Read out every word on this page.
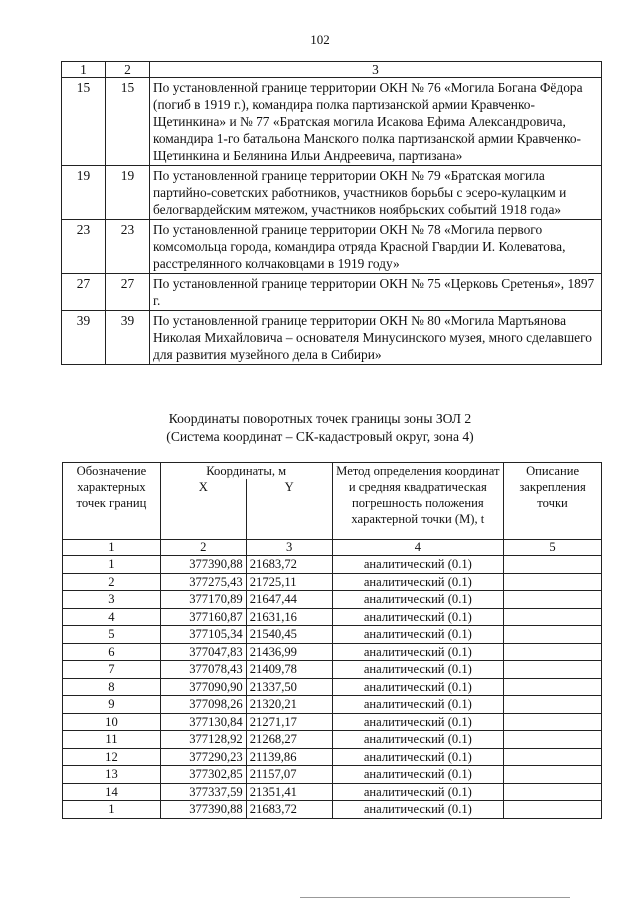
102
1	2	3
15	15	По установленной границе территории ОКН № 76 «Могила Богана Фёдора (погиб в 1919 г.), командира полка партизанской армии Кравченко-Щетинкина» и № 77 «Братская могила Исакова Ефима Александровича, командира 1-го батальона Манского полка партизанской армии Кравченко-Щетинкина и Белянина Ильи Андреевича, партизана»
19	19	По установленной границе территории ОКН № 79 «Братская могила партийно-советских работников, участников борьбы с эсеро-кулацким и белогвардейским мятежом, участников ноябрьских событий 1918 года»
23	23	По установленной границе территории ОКН № 78 «Могила первого комсомольца города, командира отряда Красной Гвардии И. Колеватова, расстрелянного колчаковцами в 1919 году»
27	27	По установленной границе территории ОКН № 75 «Церковь Сретенья», 1897 г.
39	39	По установленной границе территории ОКН № 80 «Могила Мартьянова Николая Михайловича – основателя Минусинского музея, много сделавшего для развития музейного дела в Сибири»
Координаты поворотных точек границы зоны ЗОЛ 2
(Система координат – СК-кадастровый округ, зона 4)
Обозначение характерных точек границ	Координаты, м		Метод определения координат и средняя квадратическая погрешность положения характерной точки (М), t	Описание закрепления точки
	X	Y		
1	2	3	4	5
1	377390,88	21683,72	аналитический (0.1)	
2	377275,43	21725,11	аналитический (0.1)	
3	377170,89	21647,44	аналитический (0.1)	
4	377160,87	21631,16	аналитический (0.1)	
5	377105,34	21540,45	аналитический (0.1)	
6	377047,83	21436,99	аналитический (0.1)	
7	377078,43	21409,78	аналитический (0.1)	
8	377090,90	21337,50	аналитический (0.1)	
9	377098,26	21320,21	аналитический (0.1)	
10	377130,84	21271,17	аналитический (0.1)	
11	377128,92	21268,27	аналитический (0.1)	
12	377290,23	21139,86	аналитический (0.1)	
13	377302,85	21157,07	аналитический (0.1)	
14	377337,59	21351,41	аналитический (0.1)	
1	377390,88	21683,72	аналитический (0.1)	
